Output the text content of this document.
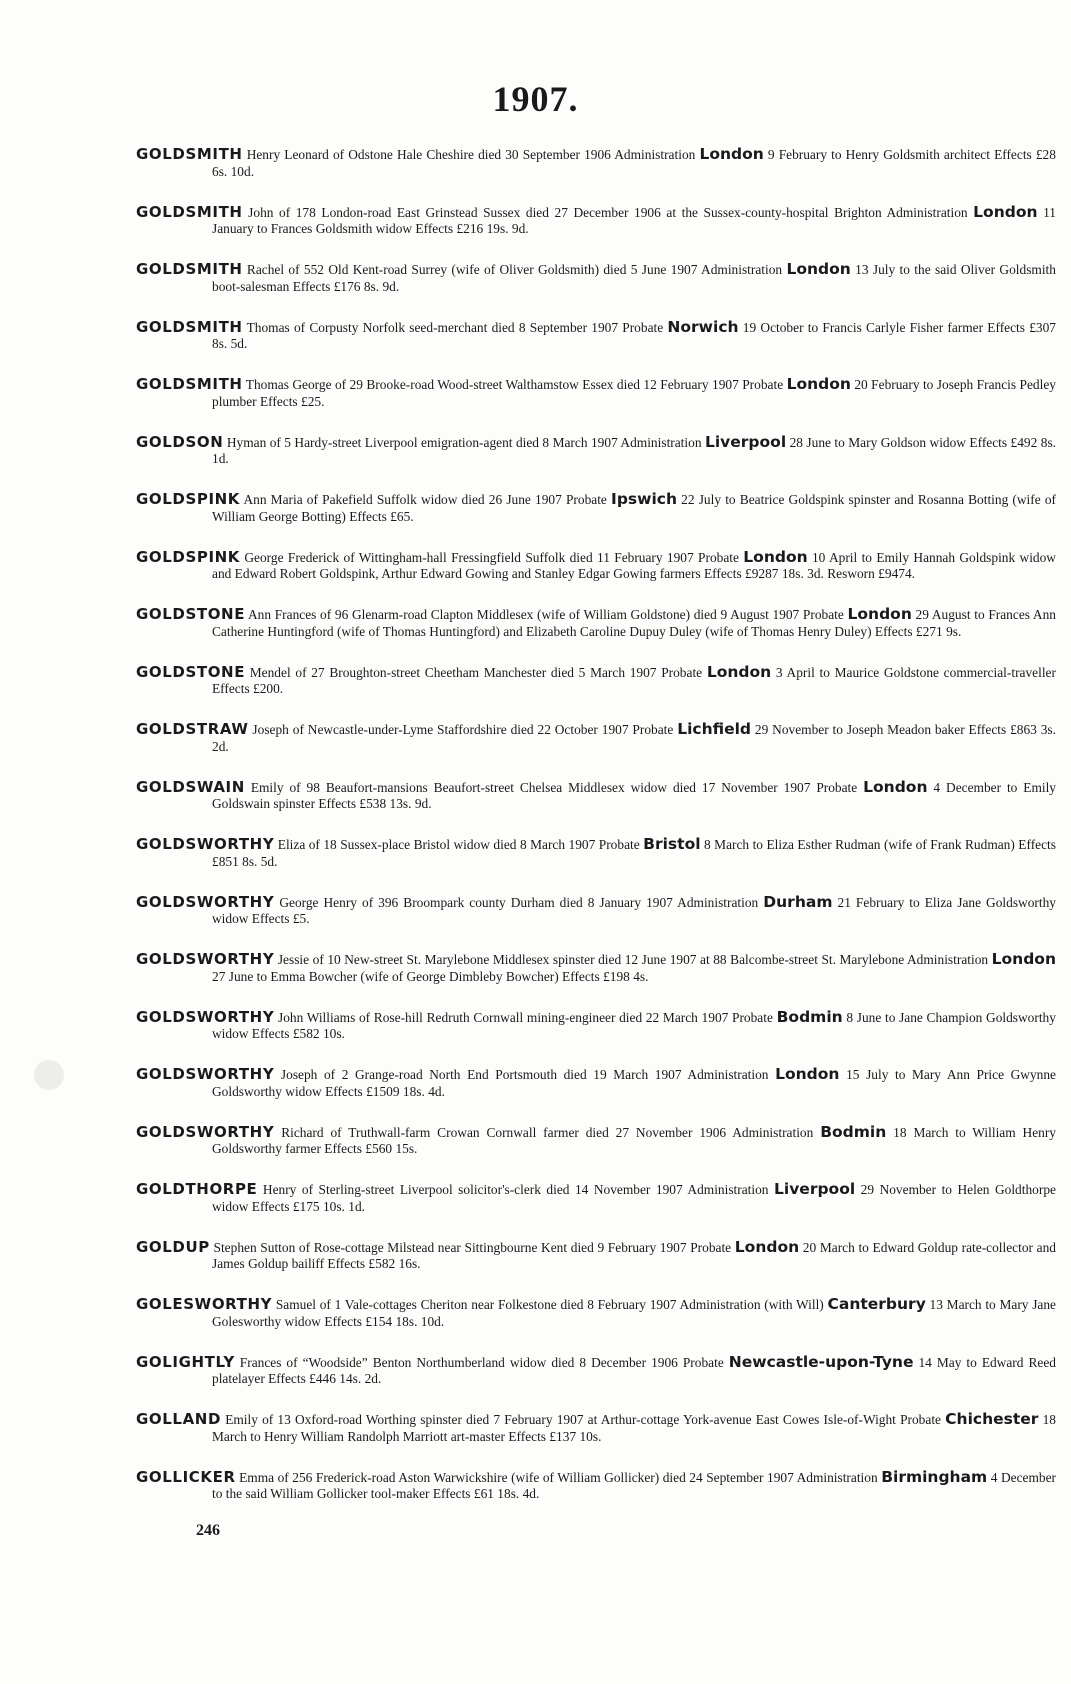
1907.

GOLDSMITH Henry Leonard of Odstone Hale Cheshire died 30 September 1906 Administration London 9 February to Henry Goldsmith architect Effects £28 6s. 10d.

GOLDSMITH John of 178 London-road East Grinstead Sussex died 27 December 1906 at the Sussex-county-hospital Brighton Administration London 11 January to Frances Goldsmith widow Effects £216 19s. 9d.

GOLDSMITH Rachel of 552 Old Kent-road Surrey (wife of Oliver Goldsmith) died 5 June 1907 Administration London 13 July to the said Oliver Goldsmith boot-salesman Effects £176 8s. 9d.

GOLDSMITH Thomas of Corpusty Norfolk seed-merchant died 8 September 1907 Probate Norwich 19 October to Francis Carlyle Fisher farmer Effects £307 8s. 5d.

GOLDSMITH Thomas George of 29 Brooke-road Wood-street Walthamstow Essex died 12 February 1907 Probate London 20 February to Joseph Francis Pedley plumber Effects £25.

GOLDSON Hyman of 5 Hardy-street Liverpool emigration-agent died 8 March 1907 Administration Liverpool 28 June to Mary Goldson widow Effects £492 8s. 1d.

GOLDSPINK Ann Maria of Pakefield Suffolk widow died 26 June 1907 Probate Ipswich 22 July to Beatrice Goldspink spinster and Rosanna Botting (wife of William George Botting) Effects £65.

GOLDSPINK George Frederick of Wittingham-hall Fressingfield Suffolk died 11 February 1907 Probate London 10 April to Emily Hannah Goldspink widow and Edward Robert Goldspink, Arthur Edward Gowing and Stanley Edgar Gowing farmers Effects £9287 18s. 3d. Resworn £9474.

GOLDSTONE Ann Frances of 96 Glenarm-road Clapton Middlesex (wife of William Goldstone) died 9 August 1907 Probate London 29 August to Frances Ann Catherine Huntingford (wife of Thomas Huntingford) and Elizabeth Caroline Dupuy Duley (wife of Thomas Henry Duley) Effects £271 9s.

GOLDSTONE Mendel of 27 Broughton-street Cheetham Manchester died 5 March 1907 Probate London 3 April to Maurice Goldstone commercial-traveller Effects £200.

GOLDSTRAW Joseph of Newcastle-under-Lyme Staffordshire died 22 October 1907 Probate Lichfield 29 November to Joseph Meadon baker Effects £863 3s. 2d.

GOLDSWAIN Emily of 98 Beaufort-mansions Beaufort-street Chelsea Middlesex widow died 17 November 1907 Probate London 4 December to Emily Goldswain spinster Effects £538 13s. 9d.

GOLDSWORTHY Eliza of 18 Sussex-place Bristol widow died 8 March 1907 Probate Bristol 8 March to Eliza Esther Rudman (wife of Frank Rudman) Effects £851 8s. 5d.

GOLDSWORTHY George Henry of 396 Broompark county Durham died 8 January 1907 Administration Durham 21 February to Eliza Jane Goldsworthy widow Effects £5.

GOLDSWORTHY Jessie of 10 New-street St. Marylebone Middlesex spinster died 12 June 1907 at 88 Balcombe-street St. Marylebone Administration London 27 June to Emma Bowcher (wife of George Dimbleby Bowcher) Effects £198 4s.

GOLDSWORTHY John Williams of Rose-hill Redruth Cornwall mining-engineer died 22 March 1907 Probate Bodmin 8 June to Jane Champion Goldsworthy widow Effects £582 10s.

GOLDSWORTHY Joseph of 2 Grange-road North End Portsmouth died 19 March 1907 Administration London 15 July to Mary Ann Price Gwynne Goldsworthy widow Effects £1509 18s. 4d.

GOLDSWORTHY Richard of Truthwall-farm Crowan Cornwall farmer died 27 November 1906 Administration Bodmin 18 March to William Henry Goldsworthy farmer Effects £560 15s.

GOLDTHORPE Henry of Sterling-street Liverpool solicitor's-clerk died 14 November 1907 Administration Liverpool 29 November to Helen Goldthorpe widow Effects £175 10s. 1d.

GOLDUP Stephen Sutton of Rose-cottage Milstead near Sittingbourne Kent died 9 February 1907 Probate London 20 March to Edward Goldup rate-collector and James Goldup bailiff Effects £582 16s.

GOLESWORTHY Samuel of 1 Vale-cottages Cheriton near Folkestone died 8 February 1907 Administration (with Will) Canterbury 13 March to Mary Jane Golesworthy widow Effects £154 18s. 10d.

GOLIGHTLY Frances of “Woodside” Benton Northumberland widow died 8 December 1906 Probate Newcastle-upon-Tyne 14 May to Edward Reed platelayer Effects £446 14s. 2d.

GOLLAND Emily of 13 Oxford-road Worthing spinster died 7 February 1907 at Arthur-cottage York-avenue East Cowes Isle-of-Wight Probate Chichester 18 March to Henry William Randolph Marriott art-master Effects £137 10s.

GOLLICKER Emma of 256 Frederick-road Aston Warwickshire (wife of William Gollicker) died 24 September 1907 Administration Birmingham 4 December to the said William Gollicker tool-maker Effects £61 18s. 4d.

246
